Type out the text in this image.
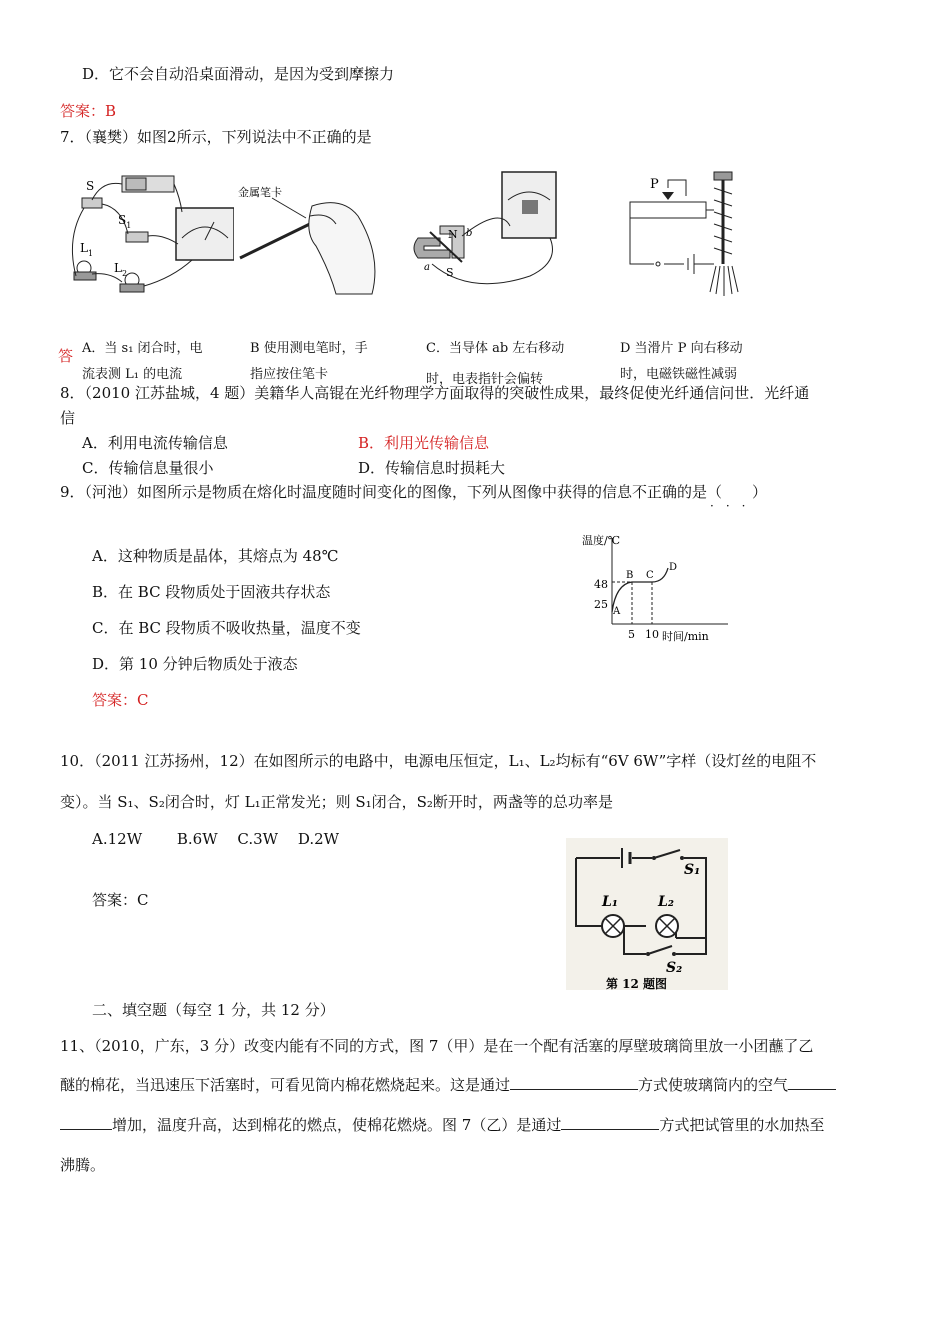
D．它不会自动沿桌面滑动，是因为受到摩擦力
答案：B
7．（襄樊）如图2所示，下列说法中不正确的是
S
$S_1$
$L_1$
$L_2$
金属笔卡
N
S
a
b
P
答 A．当 s₁ 闭合时，电
流表测 L₁ 的电流
B 使用测电笔时，手
指应按住笔卡
C．当导体 ab 左右移动
时，电表指针会偏转
D 当滑片 P 向右移动
时，电磁铁磁性减弱
8．（2010 江苏盐城，4 题）美籍华人高锟在光纤物理学方面取得的突破性成果，最终促使光纤通信问世．光纤通
信
A．利用电流传输信息	B．利用光传输信息
C．传输信息量很小	D．传输信息时损耗大
9．（河池）如图所示是物质在熔化时温度随时间变化的图像，下列从图像中获得的信息不正确的是（　　）
···
A．这种物质是晶体，其熔点为 48℃
B．在 BC 段物质处于固液共存状态
C．在 BC 段物质不吸收热量，温度不变
D．第 10 分钟后物质处于液态
答案：C
温度/℃
时间/min
48
25
5 10
A
B C
D
10．（2011 江苏扬州，12）在如图所示的电路中，电源电压恒定，L₁、L₂均标有“6V 6W”字样（设灯丝的电阻不
变）。当 S₁、S₂闭合时，灯 L₁正常发光；则 S₁闭合，S₂断开时，两盏等的总功率是
A.12W　　 B.6W　 C.3W　 D.2W
答案：C
S₁
L₁	L₂
S₂
第 12 题图
二、填空题（每空 1 分，共 12 分）
11、（2010，广东，3 分）改变内能有不同的方式，图 7（甲）是在一个配有活塞的厚壁玻璃筒里放一小团蘸了乙
醚的棉花，当迅速压下活塞时，可看见筒内棉花燃烧起来。这是通过	方式使玻璃筒内的空气
增加，温度升高，达到棉花的燃点，使棉花燃烧。图 7（乙）是通过	方式把试管里的水加热至
沸腾。
